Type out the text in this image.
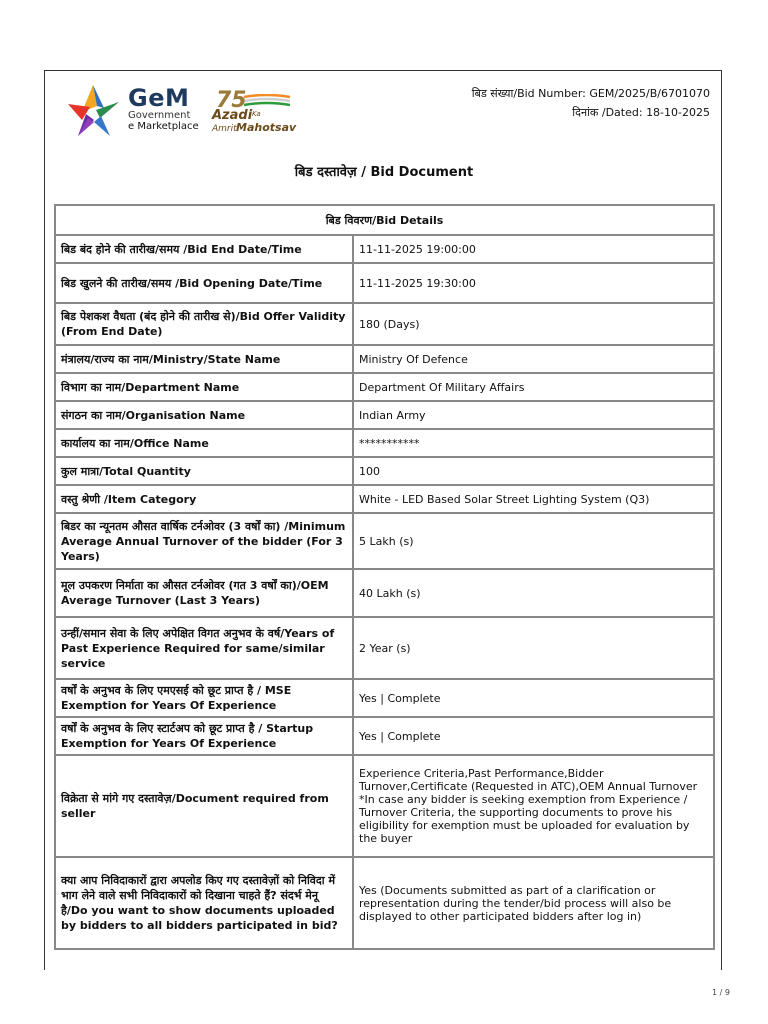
GeM
Government
e Marketplace
75
Azadi Ka
Amrit Mahotsav
बिड संख्या/Bid Number: GEM/2025/B/6701070
दिनांक /Dated: 18-10-2025
बिड दस्तावेज़ / Bid Document
बिड विवरण/Bid Details	
बिड बंद होने की तारीख/समय /Bid End Date/Time	11-11-2025 19:00:00
बिड खुलने की तारीख/समय /Bid Opening Date/Time	11-11-2025 19:30:00
बिड पेशकश वैधता (बंद होने की तारीख से)/Bid Offer Validity (From End Date)	180 (Days)
मंत्रालय/राज्य का नाम/Ministry/State Name	Ministry Of Defence
विभाग का नाम/Department Name	Department Of Military Affairs
संगठन का नाम/Organisation Name	Indian Army
कार्यालय का नाम/Office Name	***********
कुल मात्रा/Total Quantity	100
वस्तु श्रेणी /Item Category	White - LED Based Solar Street Lighting System (Q3)
बिडर का न्यूनतम औसत वार्षिक टर्नओवर (3 वर्षों का) /Minimum Average Annual Turnover of the bidder (For 3 Years)	5 Lakh (s)
मूल उपकरण निर्माता का औसत टर्नओवर (गत 3 वर्षों का)/OEM Average Turnover (Last 3 Years)	40 Lakh (s)
उन्हीं/समान सेवा के लिए अपेक्षित विगत अनुभव के वर्ष/Years of Past Experience Required for same/similar service	2 Year (s)
वर्षों के अनुभव के लिए एमएसई को छूट प्राप्त है / MSE Exemption for Years Of Experience	Yes | Complete
वर्षों के अनुभव के लिए स्टार्टअप को छूट प्राप्त है / Startup Exemption for Years Of Experience	Yes | Complete
विक्रेता से मांगे गए दस्तावेज़/Document required from seller	Experience Criteria,Past Performance,Bidder Turnover,Certificate (Requested in ATC),OEM Annual Turnover
*In case any bidder is seeking exemption from Experience / Turnover Criteria, the supporting documents to prove his eligibility for exemption must be uploaded for evaluation by the buyer
क्या आप निविदाकारों द्वारा अपलोड किए गए दस्तावेज़ों को निविदा में भाग लेने वाले सभी निविदाकारों को दिखाना चाहते हैं? संदर्भ मेनू है/Do you want to show documents uploaded by bidders to all bidders participated in bid?	Yes (Documents submitted as part of a clarification or representation during the tender/bid process will also be displayed to other participated bidders after log in)
1 / 9
